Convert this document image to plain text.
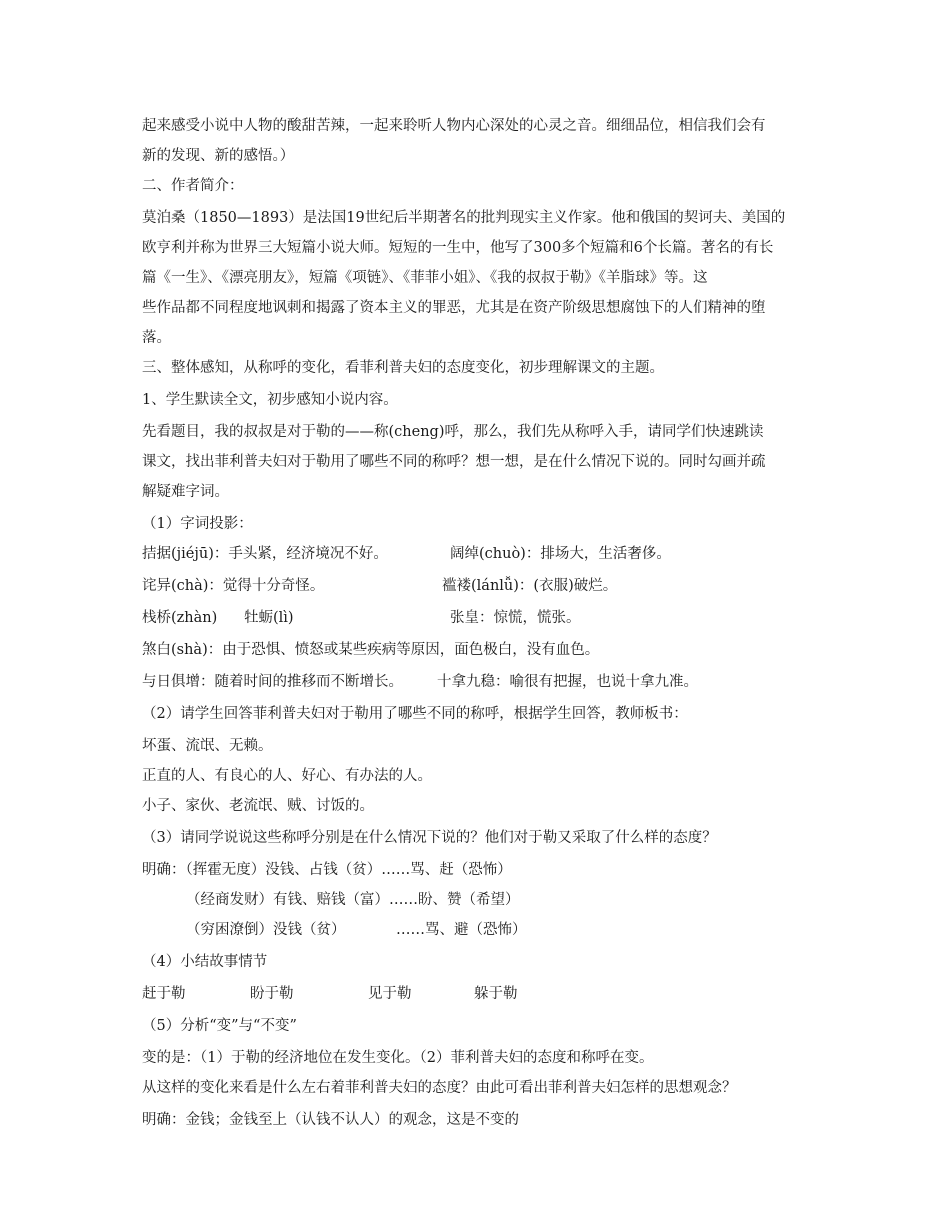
起来感受小说中人物的酸甜苦辣，一起来聆听人物内心深处的心灵之音。细细品位，相信我们会有
新的发现、新的感悟。）
二、作者简介：
莫泊桑（1850—1893）是法国19世纪后半期著名的批判现实主义作家。他和俄国的契诃夫、美国的
欧亨利并称为世界三大短篇小说大师。短短的一生中，他写了300多个短篇和6个长篇。著名的有长
篇《一生》、《漂亮朋友》，短篇《项链》、《菲菲小姐》、《我的叔叔于勒》《羊脂球》等。这
些作品都不同程度地讽刺和揭露了资本主义的罪恶，尤其是在资产阶级思想腐蚀下的人们精神的堕
落。
三、整体感知，从称呼的变化，看菲利普夫妇的态度变化，初步理解课文的主题。
1、学生默读全文，初步感知小说内容。
先看题目，我的叔叔是对于勒的——称(cheng)呼，那么，我们先从称呼入手，请同学们快速跳读
课文，找出菲利普夫妇对于勒用了哪些不同的称呼？想一想，是在什么情况下说的。同时勾画并疏
解疑难字词。
（1）字词投影：
拮据(jiéjū)：手头紧，经济境况不好。	阔绰(chuò)：排场大，生活奢侈。
诧异(chà)：觉得十分奇怪。	褴褛(lánlǚ)：(衣服)破烂。
栈桥(zhàn) 牡蛎(lì)	张皇：惊慌，慌张。
煞白(shà)：由于恐惧、愤怒或某些疾病等原因，面色极白，没有血色。
与日俱增：随着时间的推移而不断增长。 十拿九稳：喻很有把握，也说十拿九准。
（2）请学生回答菲利普夫妇对于勒用了哪些不同的称呼，根据学生回答，教师板书：
坏蛋、流氓、无赖。
正直的人、有良心的人、好心、有办法的人。
小子、家伙、老流氓、贼、讨饭的。
（3）请同学说说这些称呼分别是在什么情况下说的？他们对于勒又采取了什么样的态度？
明确：（挥霍无度）没钱、占钱（贫）……骂、赶（恐怖）
（经商发财）有钱、赔钱（富）……盼、赞（希望）
（穷困潦倒）没钱（贫）	……骂、避（恐怖）
（4）小结故事情节
赶于勒	盼于勒	见于勒	躲于勒
（5）分析“变”与“不变”
变的是：（1）于勒的经济地位在发生变化。（2）菲利普夫妇的态度和称呼在变。
从这样的变化来看是什么左右着菲利普夫妇的态度？由此可看出菲利普夫妇怎样的思想观念？
明确：金钱；金钱至上（认钱不认人）的观念，这是不变的
